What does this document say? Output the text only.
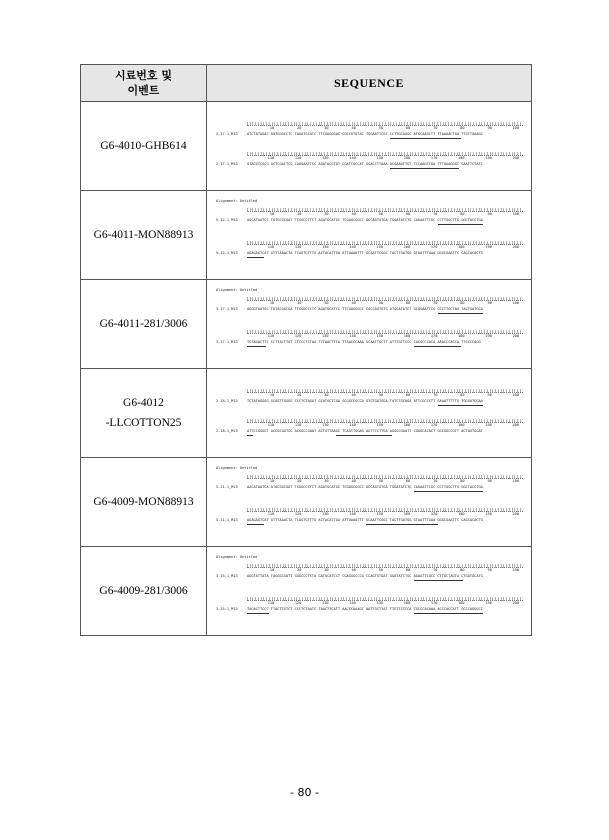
시료번호 및
이벤트
SEQUENCE
G6-4010-GHB614
10	20	30	40	50	60	70	80	90	100
2-17-1_M13	ATCTATAGAC GATGGGCCTC TAGATGCATC TTCGAGGGAC CGCCGTGTAC TGGAATTCGC CCTTGCAGGC ATGCAAGCTT TTAAAACTGA TTGTTGAAGC
110	120	130	140	150	160	170	180	190	200
2-17-1_M13	GTACGTCGCG ACTCGACTCG CAGGAATTCC AGATACGTAT CGATCGCCAT GGACCTTAAA ACGAAGTTGT TCCAAGTCGA TTTGAAGGGC GAATTCTATC
G6-4011-MON88913
Alignment: Untitled
10	20	30	40	50	60	70	80	90	100
5-12-1_M13	AGCATAATCC TATGCGCGAT TCGGCCCTCT AGATGCATGC TCGAGCGGCC GCCAGTGTGA TGGATATCTG CAGAATTCGC CCTTGGCTTG GGCTACCTGA
110	120	130	140	150	160	170	180	190	200
5-12-1_M13	AGAGAGTCAT GTTTAAACTA TCAGTGTTTG ACTACATTGA ATTAAAATTT GCAATTCGGC TACTTGATGG GTAATTTGAA GGGCGAATTC CAGCACACTG
G6-4011-281/3006
Alignment: Untitled
10	20	30	40	50	60	70	80	90	100
3-17-1_M13	AGGGTAATGC TATACGGCGA TTGGGCCCTC AGATGCATCC TTCGAGGGCC CGCCAGTGTG ATGGATATCT GCAGAATTCG CCCTTGCTAG TACTGATGCA
110	120	130	140	150	160	170	180	190	200
3-17-1_M13	TGTAGACTTC CCTTACTTGT CTCCCTCTAA TCTAACTTCA TTAACCCAAA GCAATTGCTT ATTTGTTCCC CACGCCCACA AAACCCACCA TTGCCCAGG
G6-4012
-LLCOTTON25
10	20	30	40	50	60	70	80	90	100
2-18-1_M13	TCTATAGGGG GCAGTTGGGG CCCTCTAGAT GCATGCTCGA GCGGCCGCCA GTGTGATGGA TATCTGCAGA ATTCGCCCTT GAAATTTTTG TGGGATCGAA
110	120	130	140	150	160	170	180	190	200
2-18-1_M13	ATTCCGGGGT ACCGCGGTCG ACGGCCGAAT ACTGTTAAGC TCAGTTGGAG AGTTCCTTGA AGGGCGAATT CGAGCACACT GGCGGCCGTT ACTAGTGGAT
G6-4009-MON88913
Alignment: Untitled
10	20	30	40	50	60	70	80	90	100
5-11-1_M13	AACATAATCA ATACGGCGAT TGGGCCCTCT AGATGCATGC TCGAGCGGCC GCCAGTGTGA TGGATATCTG CAGAATTCGC CCTTGGCTTG GGCTACCTGA
110	120	130	140	150	160	170	180	190	200
5-11-1_M13	AGAGAGTCAT GTTTAAACTA TCAGTGTTTG ACTACATTGA ATTAAAATTT GCAATTCGGC TACTTGATGG GTAATTTGAA GGGCGAATTC CAGCACACTG
G6-4009-281/3006
Alignment: Untitled
10	20	30	40	50	60	70	80	90	100
3-15-1_M13	AGGTATTATA TAGGGCGATT GGGCCCTCTA GATGCATCCT CGAGGGCCCG CCAGTGTGAT GGATATCTGC AGAATTCGCC CTTGCTAGTA CTGATGCATG
110	120	130	140	150	160	170	180	190	200
3-15-1_M13	TAGACTTCCC TTACTTGTCT CCCTCTAATC TAACTTCATT AACCCAAAGC AATTGCTTAT TTGTTCCCCA CGCCCACAAA ACCCACCATT GCCCAGGGCC
- 80 -
